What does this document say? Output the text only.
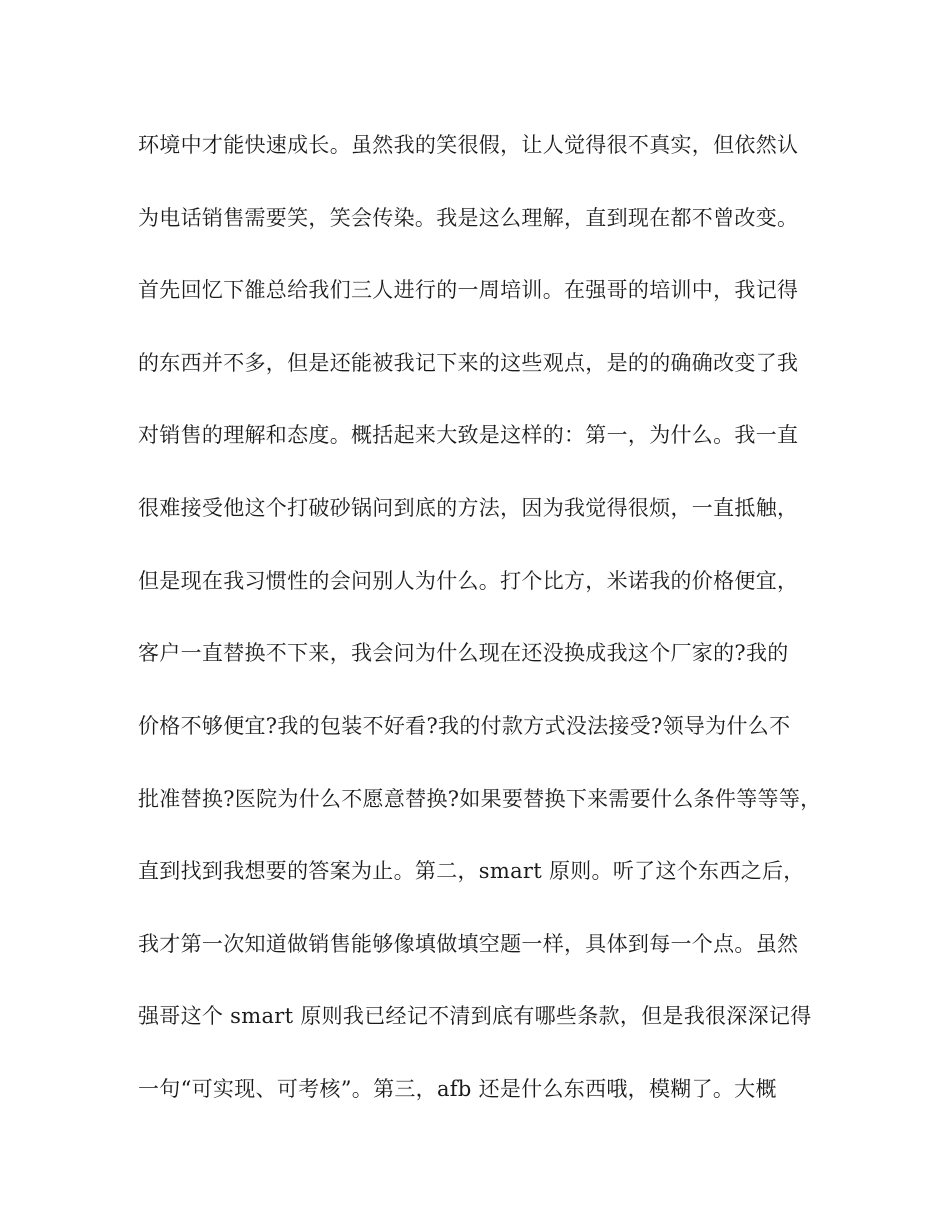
环境中才能快速成长。虽然我的笑很假，让人觉得很不真实，但依然认

为电话销售需要笑，笑会传染。我是这么理解，直到现在都不曾改变。

首先回忆下雒总给我们三人进行的一周培训。在强哥的培训中，我记得

的东西并不多，但是还能被我记下来的这些观点，是的的确确改变了我

对销售的理解和态度。概括起来大致是这样的：第一，为什么。我一直

很难接受他这个打破砂锅问到底的方法，因为我觉得很烦，一直抵触，

但是现在我习惯性的会问别人为什么。打个比方，米诺我的价格便宜，

客户一直替换不下来，我会问为什么现在还没换成我这个厂家的?我的

价格不够便宜?我的包装不好看?我的付款方式没法接受?领导为什么不

批准替换?医院为什么不愿意替换?如果要替换下来需要什么条件等等等，

直到找到我想要的答案为止。第二，smart 原则。听了这个东西之后，

我才第一次知道做销售能够像填做填空题一样，具体到每一个点。虽然

强哥这个 smart 原则我已经记不清到底有哪些条款，但是我很深深记得

一句“可实现、可考核”。第三，afb 还是什么东西哦，模糊了。大概
